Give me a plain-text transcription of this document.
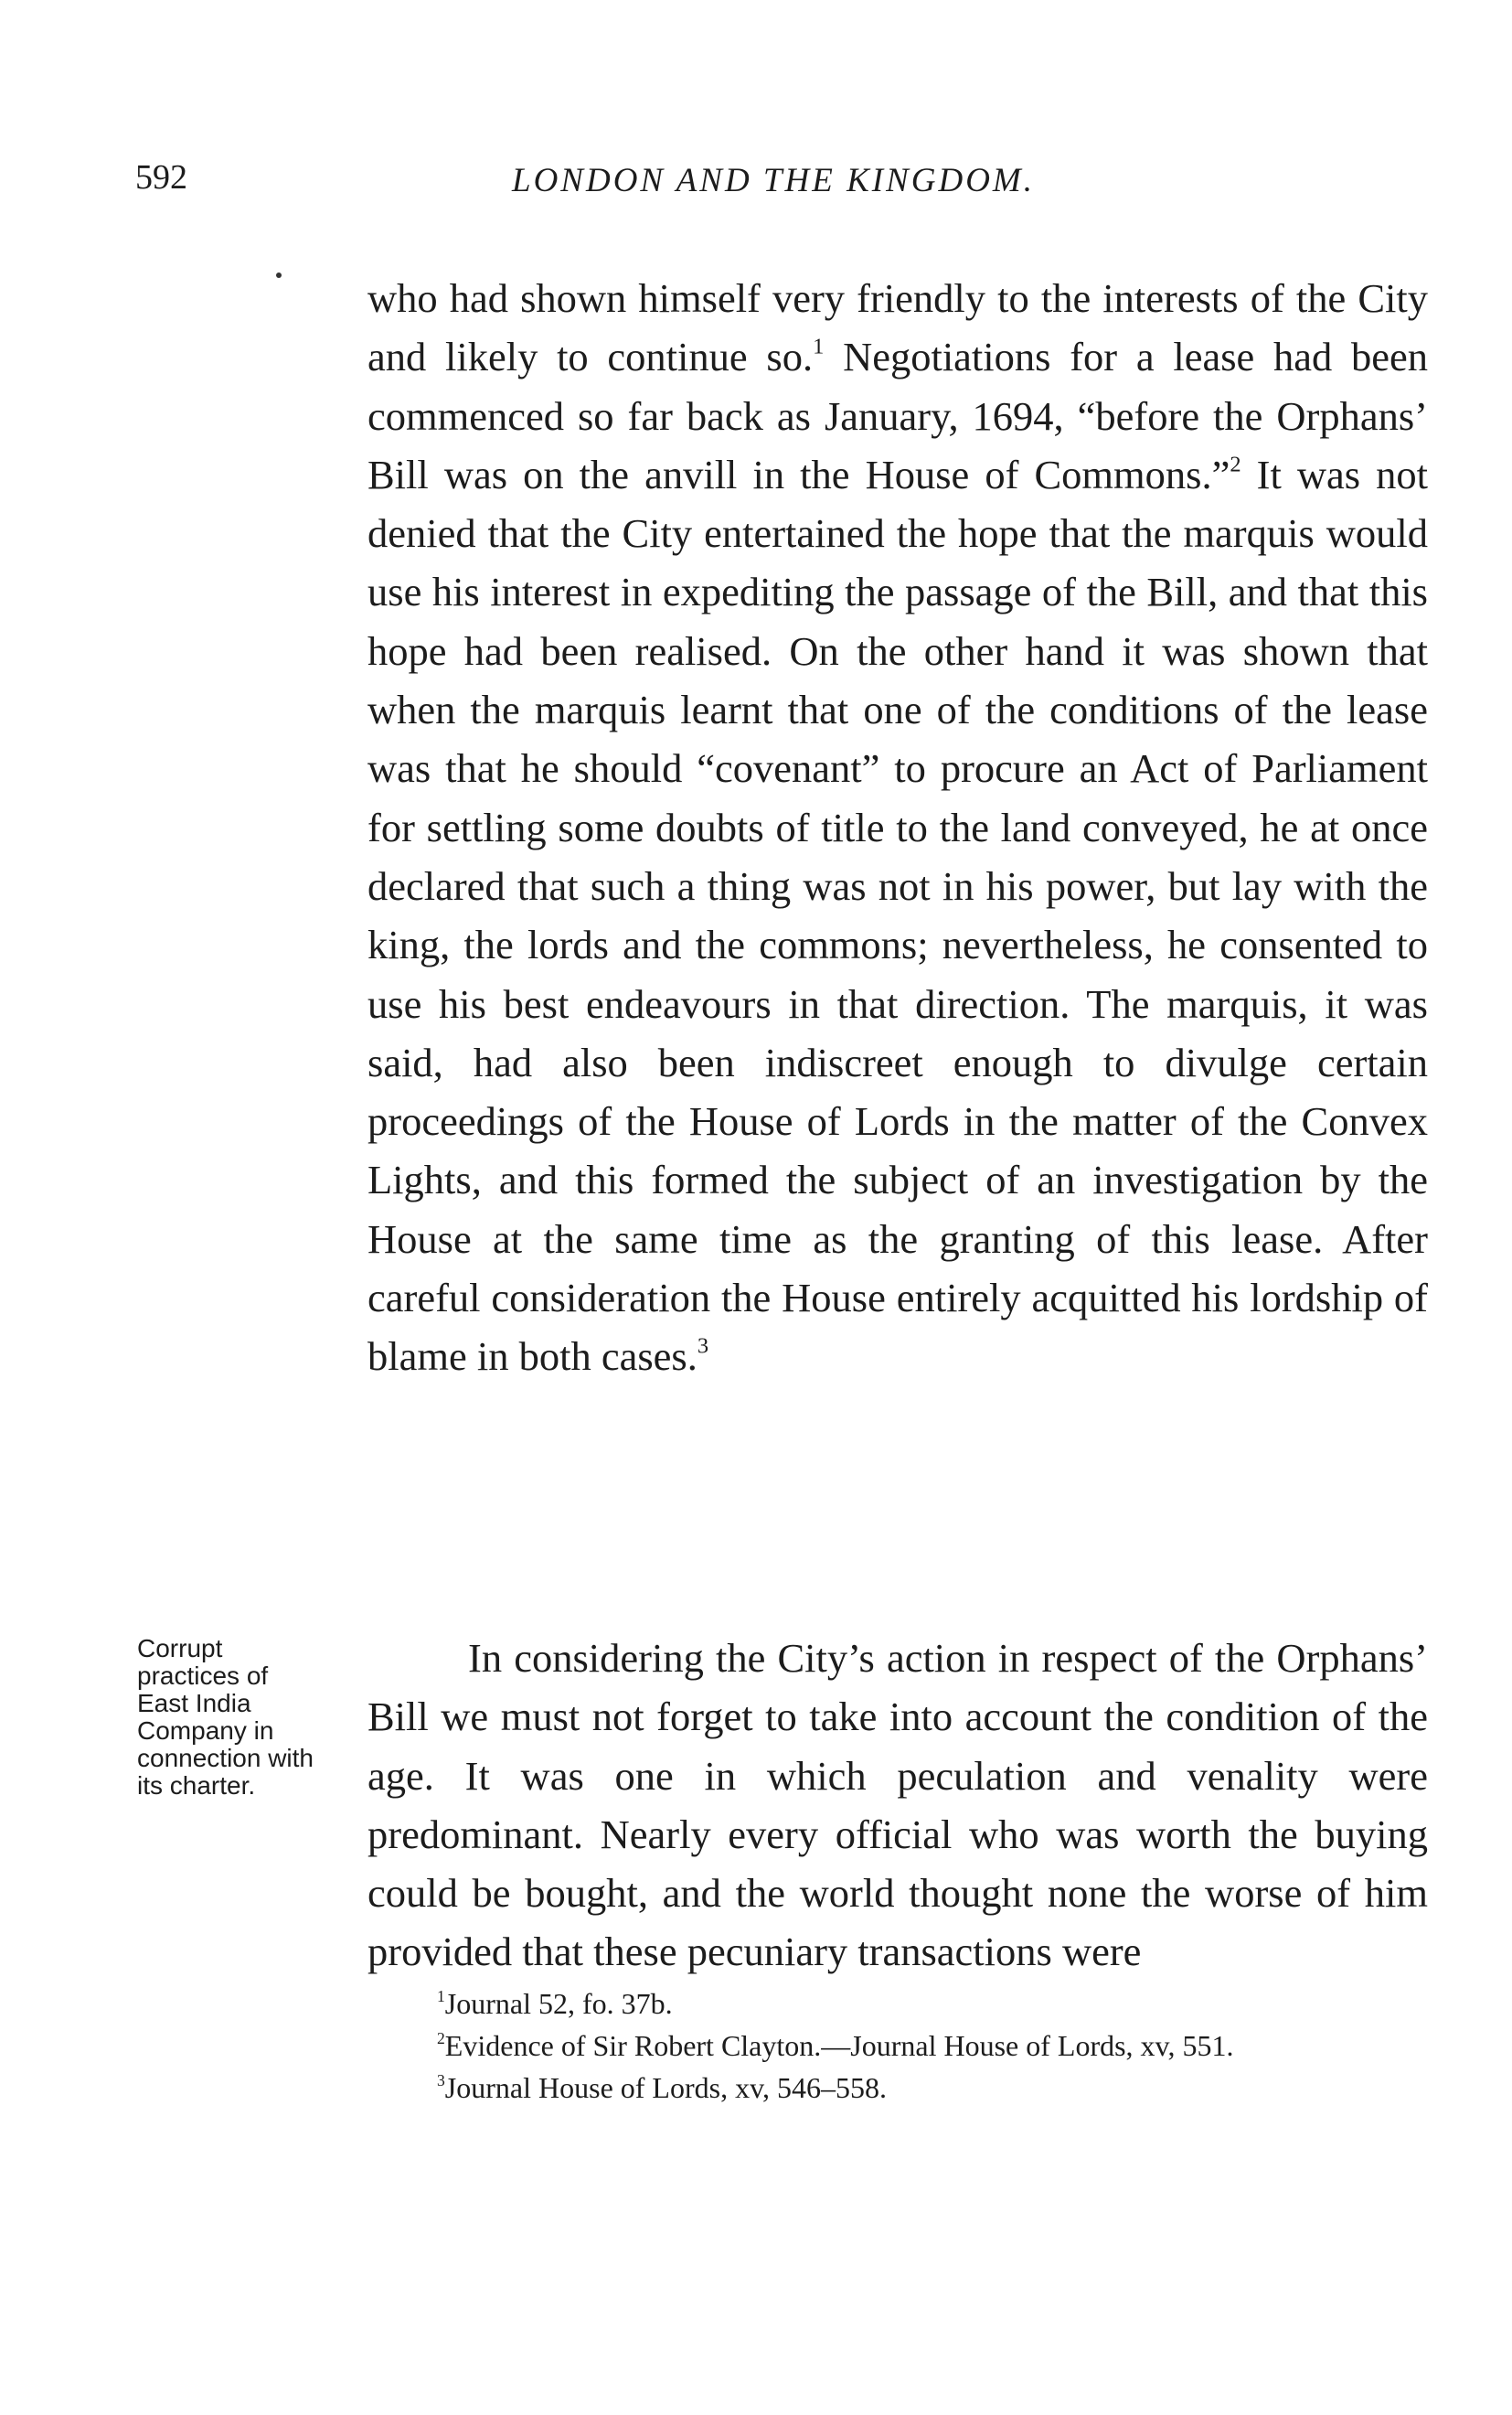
592	LONDON AND THE KINGDOM.
who had shown himself very friendly to the interests of the City and likely to continue so.$^1$ Negotiations for a lease had been commenced so far back as January, 1694, “before the Orphans’ Bill was on the anvill in the House of Commons.”$^2$ It was not denied that the City entertained the hope that the marquis would use his interest in expediting the passage of the Bill, and that this hope had been realised. On the other hand it was shown that when the marquis learnt that one of the conditions of the lease was that he should “covenant” to procure an Act of Parliament for settling some doubts of title to the land conveyed, he at once declared that such a thing was not in his power, but lay with the king, the lords and the commons; nevertheless, he consented to use his best endeavours in that direction. The marquis, it was said, had also been indiscreet enough to divulge certain proceedings of the House of Lords in the matter of the Convex Lights, and this formed the subject of an investigation by the House at the same time as the granting of this lease. After careful consideration the House entirely acquitted his lordship of blame in both cases.$^3$
Corrupt practices of East India Company in connection with its charter.
In considering the City’s action in respect of the Orphans’ Bill we must not forget to take into account the condition of the age. It was one in which peculation and venality were predominant. Nearly every official who was worth the buying could be bought, and the world thought none the worse of him provided that these pecuniary transactions were
$^1$Journal 52, fo. 37b.
$^2$Evidence of Sir Robert Clayton.—Journal House of Lords, xv, 551.
$^3$Journal House of Lords, xv, 546–558.
